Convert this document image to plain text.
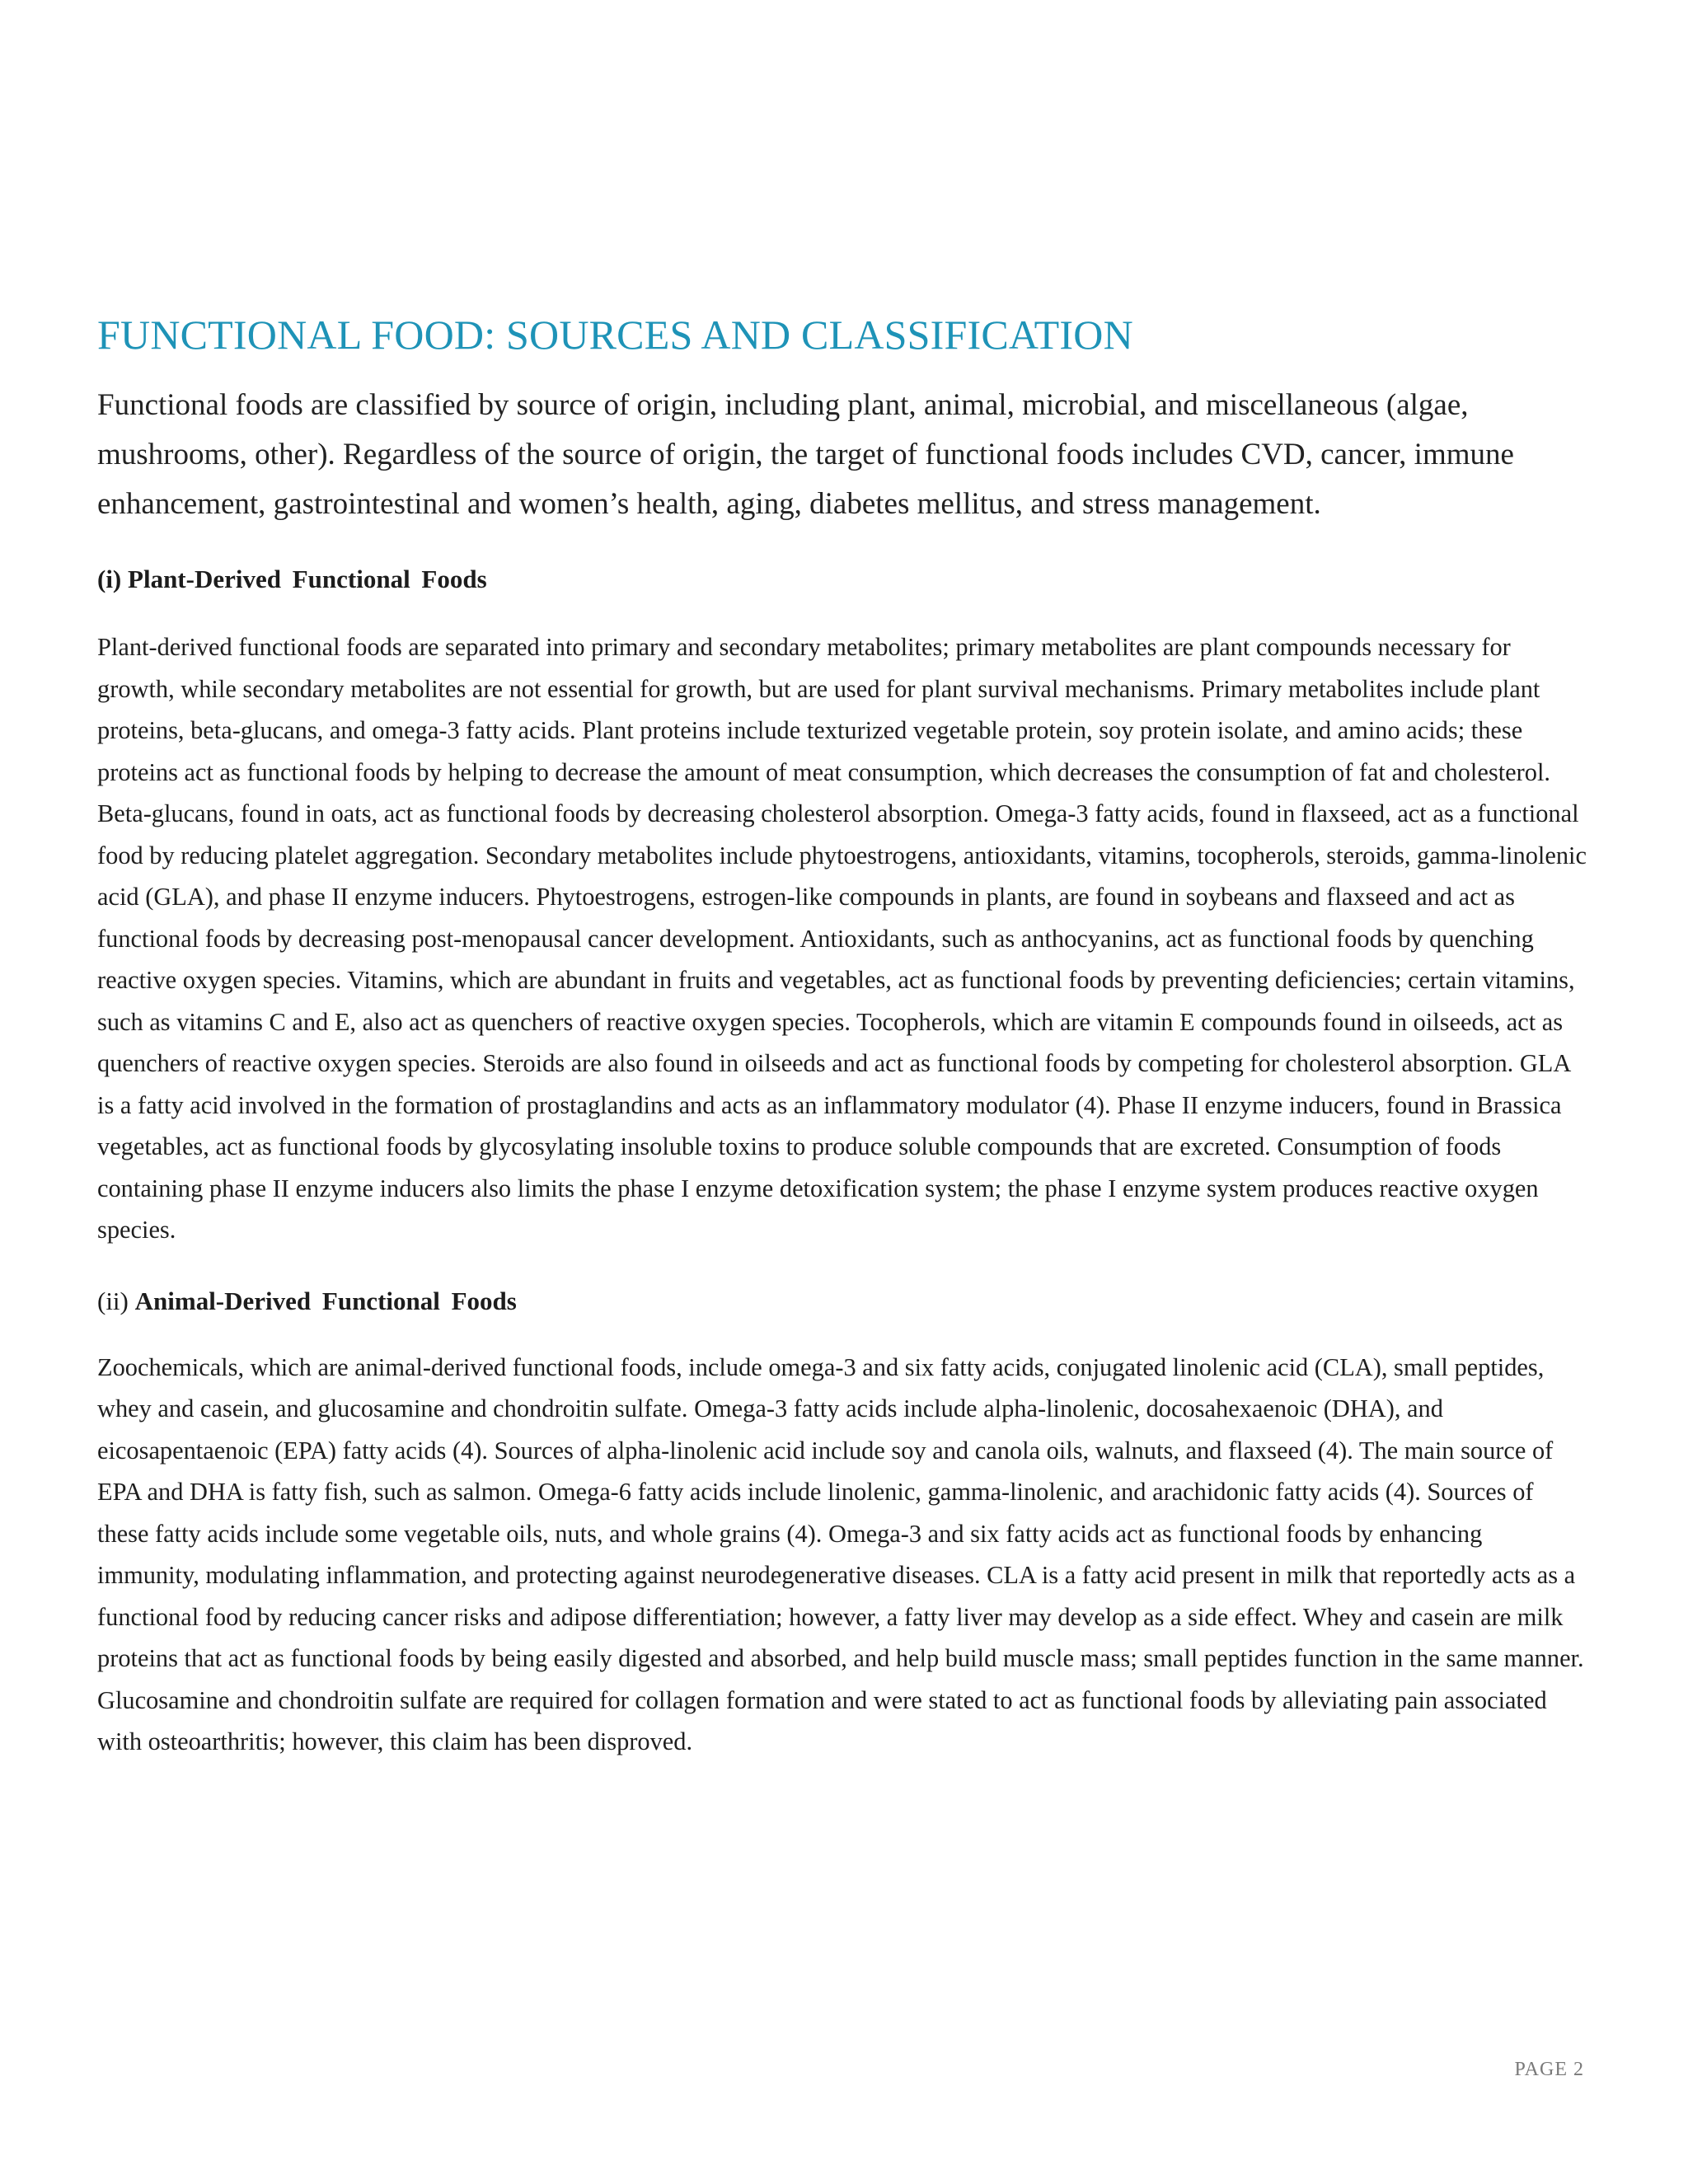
FUNCTIONAL FOOD: SOURCES AND CLASSIFICATION

Functional foods are classified by source of origin, including plant, animal, microbial, and miscellaneous (algae, mushrooms, other). Regardless of the source of origin, the target of functional foods includes CVD, cancer, immune enhancement, gastrointestinal and women’s health, aging, diabetes mellitus, and stress management.

(i) Plant-Derived Functional Foods

Plant-derived functional foods are separated into primary and secondary metabolites; primary metabolites are plant compounds necessary for growth, while secondary metabolites are not essential for growth, but are used for plant survival mechanisms. Primary metabolites include plant proteins, beta-glucans, and omega-3 fatty acids. Plant proteins include texturized vegetable protein, soy protein isolate, and amino acids; these proteins act as functional foods by helping to decrease the amount of meat consumption, which decreases the consumption of fat and cholesterol. Beta-glucans, found in oats, act as functional foods by decreasing cholesterol absorption. Omega-3 fatty acids, found in flaxseed, act as a functional food by reducing platelet aggregation. Secondary metabolites include phytoestrogens, antioxidants, vitamins, tocopherols, steroids, gamma-linolenic acid (GLA), and phase II enzyme inducers. Phytoestrogens, estrogen-like compounds in plants, are found in soybeans and flaxseed and act as functional foods by decreasing post-menopausal cancer development. Antioxidants, such as anthocyanins, act as functional foods by quenching reactive oxygen species. Vitamins, which are abundant in fruits and vegetables, act as functional foods by preventing deficiencies; certain vitamins, such as vitamins C and E, also act as quenchers of reactive oxygen species. Tocopherols, which are vitamin E compounds found in oilseeds, act as quenchers of reactive oxygen species. Steroids are also found in oilseeds and act as functional foods by competing for cholesterol absorption. GLA is a fatty acid involved in the formation of prostaglandins and acts as an inflammatory modulator (4). Phase II enzyme inducers, found in Brassica vegetables, act as functional foods by glycosylating insoluble toxins to produce soluble compounds that are excreted. Consumption of foods containing phase II enzyme inducers also limits the phase I enzyme detoxification system; the phase I enzyme system produces reactive oxygen species.

(ii) Animal-Derived Functional Foods

Zoochemicals, which are animal-derived functional foods, include omega-3 and six fatty acids, conjugated linolenic acid (CLA), small peptides, whey and casein, and glucosamine and chondroitin sulfate. Omega-3 fatty acids include alpha-linolenic, docosahexaenoic (DHA), and eicosapentaenoic (EPA) fatty acids (4). Sources of alpha-linolenic acid include soy and canola oils, walnuts, and flaxseed (4). The main source of EPA and DHA is fatty fish, such as salmon. Omega-6 fatty acids include linolenic, gamma-linolenic, and arachidonic fatty acids (4). Sources of these fatty acids include some vegetable oils, nuts, and whole grains (4). Omega-3 and six fatty acids act as functional foods by enhancing immunity, modulating inflammation, and protecting against neurodegenerative diseases. CLA is a fatty acid present in milk that reportedly acts as a functional food by reducing cancer risks and adipose differentiation; however, a fatty liver may develop as a side effect. Whey and casein are milk proteins that act as functional foods by being easily digested and absorbed, and help build muscle mass; small peptides function in the same manner. Glucosamine and chondroitin sulfate are required for collagen formation and were stated to act as functional foods by alleviating pain associated with osteoarthritis; however, this claim has been disproved.

PAGE 2
